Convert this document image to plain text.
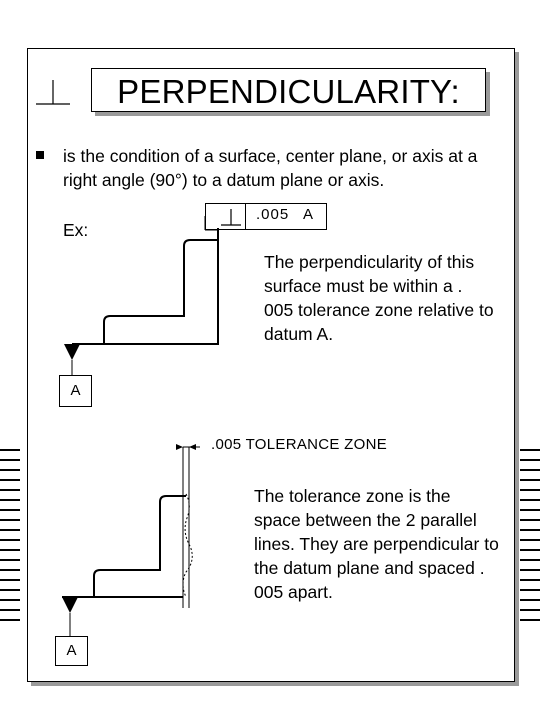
PERPENDICULARITY:
is the condition of a surface, center plane, or axis at a right angle (90°) to a datum plane or axis.
Ex:
.005 A
The perpendicularity of this surface must be within a . 005 tolerance zone relative to datum A.
A
.005 TOLERANCE ZONE
The tolerance zone is the space between the 2 parallel lines. They are perpendicular to the datum plane and spaced . 005 apart.
A
